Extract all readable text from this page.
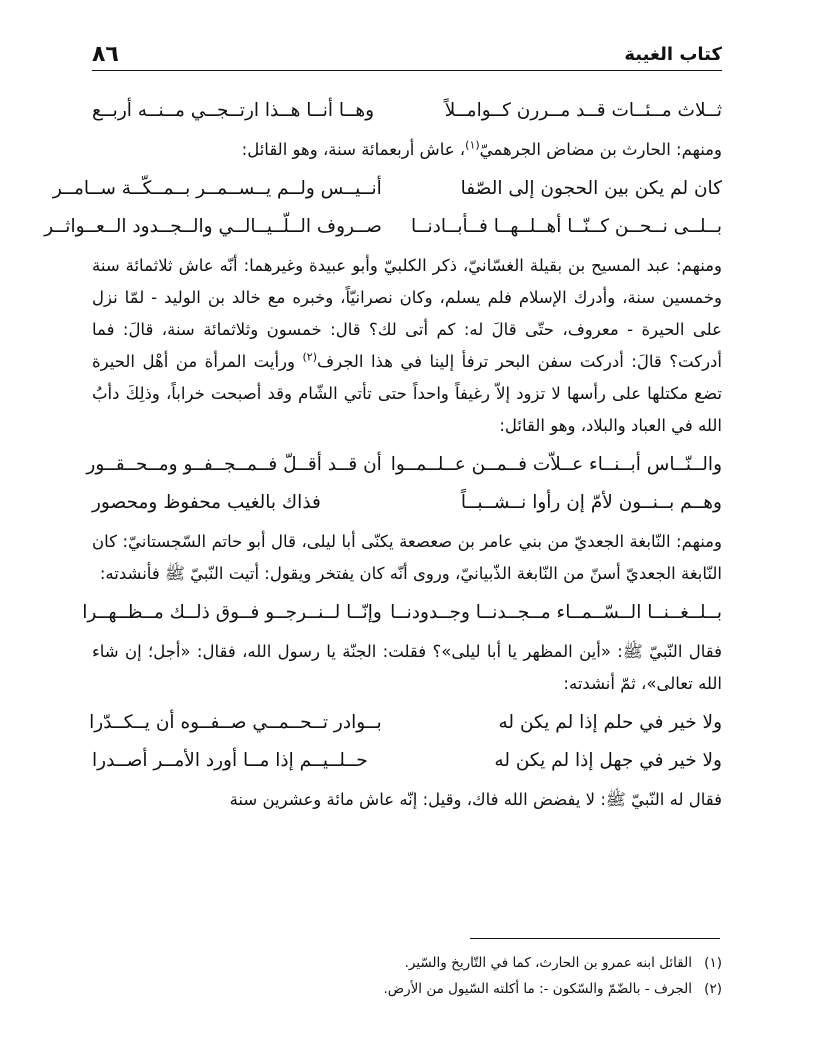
كتاب الغيبة
٨٦
ثــلاث مــئــات قــد مــررن كــوامــلاً
وهــا أنــا هــذا ارتــجــي مــنــه أربــع
ومنهم: الحارث بن مضاض الجرهميّ$^{(١)}$، عاش أربعمائة سنة، وهو القائل:
كان لم يكن بين الحجون إلى الصّفا
أنــيــس ولــم يــســمــر بــمــكّــة ســامــر
بــلــى نــحــن كــنّــا أهــلــهــا فــأبــادنــا
صــروف الــلّــيــالــي والــجــدود الــعــواثــر
ومنهم: عبد المسيح بن بقيلة الغسّانيّ، ذكر الكلبيّ وأبو عبيدة وغيرهما: أنّه عاش ثلاثمائة سنة وخمسين سنة، وأدرك الإسلام فلم يسلم، وكان نصرانيّاً، وخبره مع خالد بن الوليد - لمّا نزل على الحيرة - معروف، حتّى قالَ له: كم أتى لك؟ قال: خمسون وثلاثمائة سنة، قالَ: فما أدركت؟ قالَ: أدركت سفن البحر ترفأ إلينا في هذا الجرف$^{(٢)}$ ورأيت المرأة من أهْل الحيرة تضع مكتلها على رأسها لا تزود إلاّ رغيفاً واحداً حتى تأتي الشّام وقد أصبحت خراباً، وذلِكَ دأبُ الله في العباد والبلاد، وهو القائل:
والــنّــاس أبــنــاء عــلاّت فــمــن عــلــمــوا
أن قــد أقــلّ فــمــجــفــو ومــحــقــور
وهــم بــنــون لأمّ إن رأوا نــشــبــاً
فذاك بالغيب محفوظ ومحصور
ومنهم: النّابغة الجعديّ من بني عامر بن صعصعة يكنّى أبا ليلى، قال أبو حاتم السّجستانيّ: كان النّابغة الجعديّ أسنّ من النّابغة الذّبيانيّ، وروى أنّه كان يفتخر ويقول: أتيت النّبيّ ﷺ فأنشدته:
بــلــغــنــا الــسّــمــاء مــجــدنــا وجــدودنــا
وإنّــا لــنــرجــو فــوق ذلــك مــظــهــرا
فقال النّبيّ ﷺ: «أين المظهر يا أبا ليلى»؟ فقلت: الجنّة يا رسول الله، فقال: «أجل؛ إن شاء الله تعالى»، ثمّ أنشدته:
ولا خير في حلم إذا لم يكن له
بــوادر تــحــمــي صــفــوه أن يــكــدّرا
ولا خير في جهل إذا لم يكن له
حــلــيــم إذا مــا أورد الأمــر أصــدرا
فقال له النّبيّ ﷺ: لا يفضض الله فاك، وقيل: إنّه عاش مائة وعشرين سنة
(١)القائل ابنه عمرو بن الحارث، كما في التّاريخ والسّير.
(٢)الجرف - بالضّمّ والسّكون -: ما أكلته السّيول من الأرض.
